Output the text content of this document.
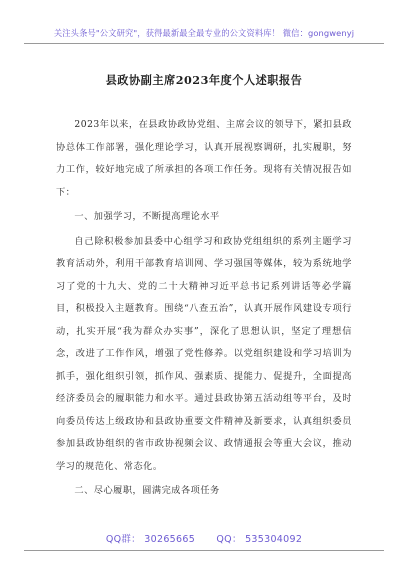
关注头条号"公文研究"，获得最新最全最专业的公文资料库！ 微信：gongwenyj
县政协副主席2023年度个人述职报告

2023年以来，在县政协政协党组、主席会议的领导下，紧扣县政协总体工作部署，强化理论学习，认真开展视察调研，扎实履职，努力工作，较好地完成了所承担的各项工作任务。现将有关情况报告如下：

一、加强学习，不断提高理论水平

自己除积极参加县委中心组学习和政协党组组织的系列主题学习教育活动外，利用干部教育培训网、学习强国等媒体，较为系统地学习了党的十九大、党的二十大精神习近平总书记系列讲话等必学篇目，积极投入主题教育。围绕“八查五治”，认真开展作风建设专项行动，扎实开展“我为群众办实事”，深化了思想认识，坚定了理想信念，改进了工作作风，增强了党性修养。以党组织建设和学习培训为抓手，强化组织引领，抓作风、强素质、提能力、促提升，全面提高经济委员会的履职能力和水平。通过县政协第五活动组等平台，及时向委员传达上级政协和县政协重要文件精神及新要求，认真组织委员参加县政协组织的省市政协视频会议、政情通报会等重大会议，推动学习的规范化、常态化。

二、尽心履职，圆满完成各项任务

QQ群： 30265665 QQ： 535304092
